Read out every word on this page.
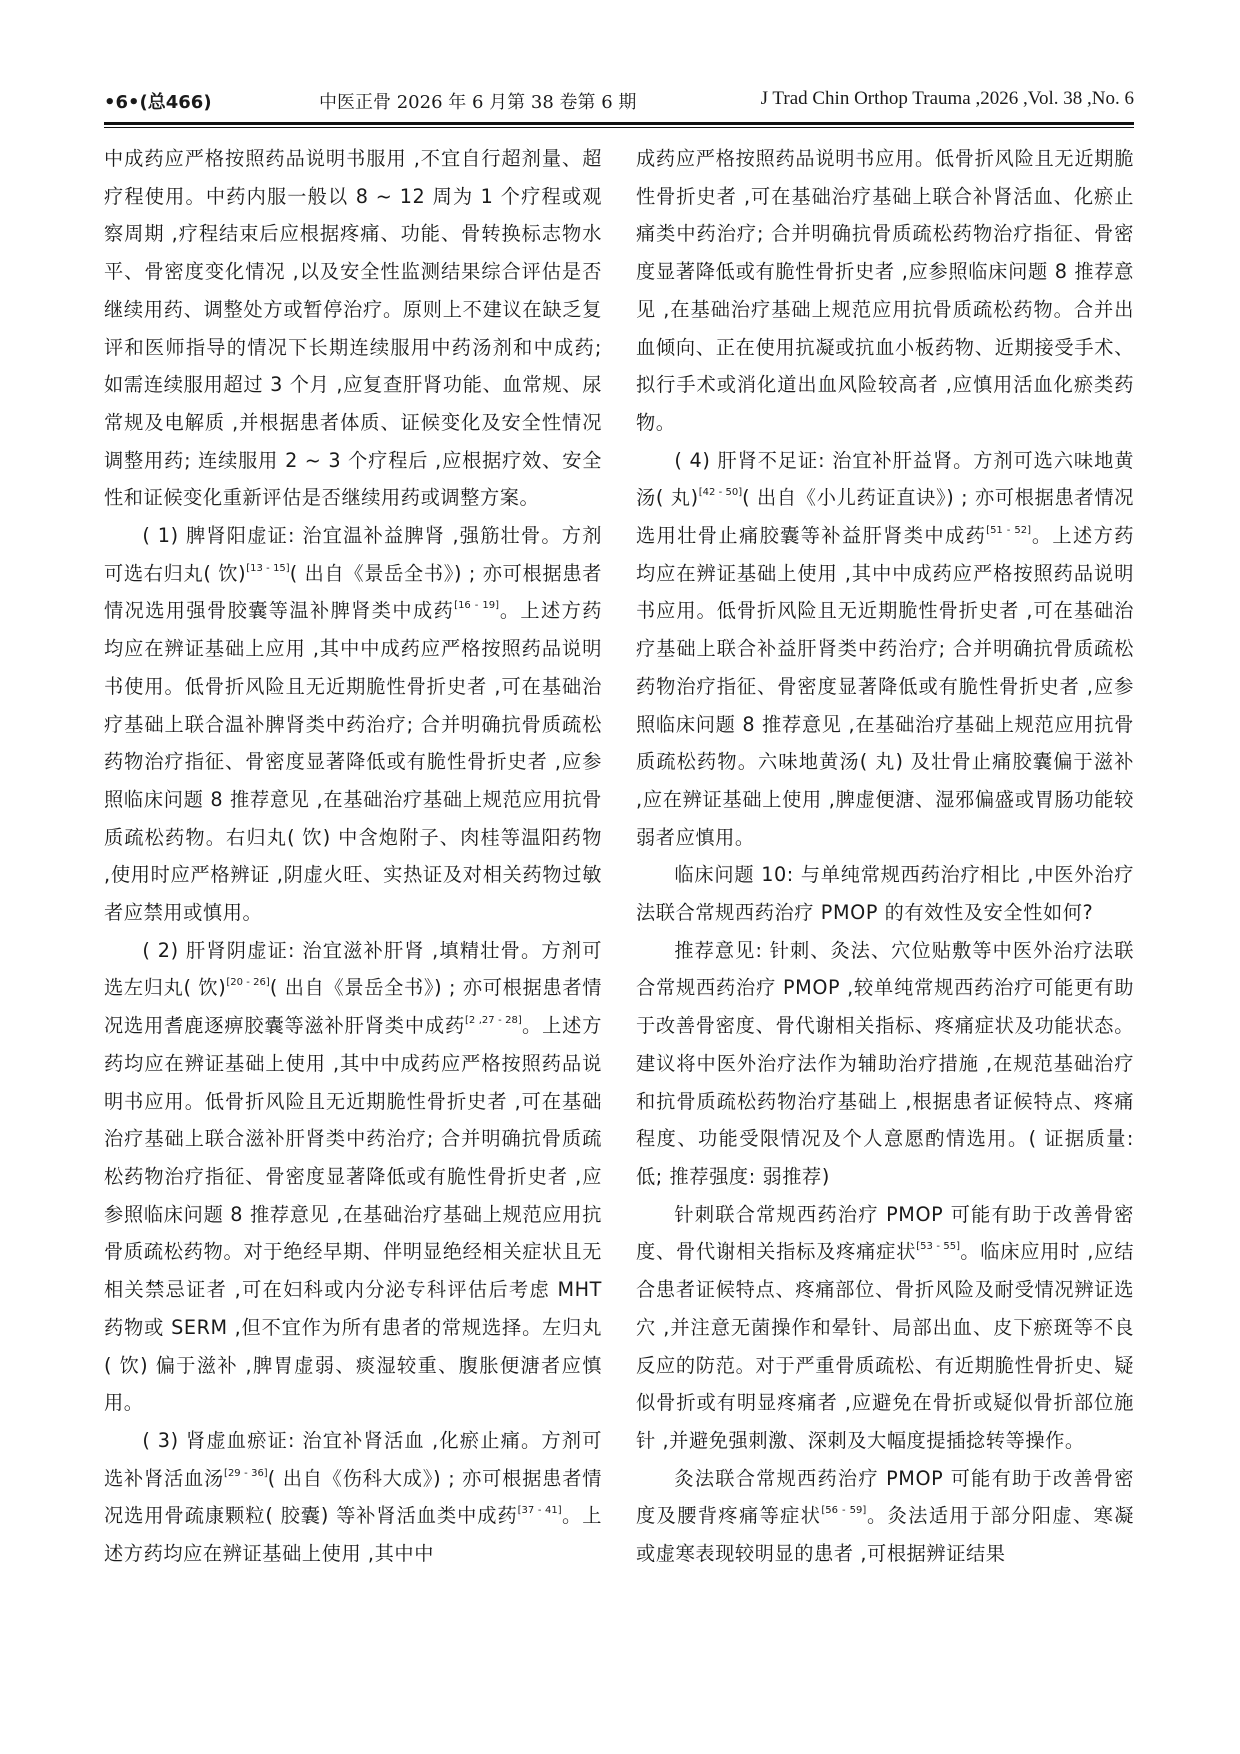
•6•(总466)	中医正骨 2026 年 6 月第 38 卷第 6 期	J Trad Chin Orthop Trauma ,2026 ,Vol. 38 ,No. 6

中成药应严格按照药品说明书服用 ,不宜自行超剂量、超疗程使用。中药内服一般以 8 ~ 12 周为 1 个疗程或观察周期 ,疗程结束后应根据疼痛、功能、骨转换标志物水平、骨密度变化情况 ,以及安全性监测结果综合评估是否继续用药、调整处方或暂停治疗。原则上不建议在缺乏复评和医师指导的情况下长期连续服用中药汤剂和中成药; 如需连续服用超过 3 个月 ,应复查肝肾功能、血常规、尿常规及电解质 ,并根据患者体质、证候变化及安全性情况调整用药; 连续服用 2 ~ 3 个疗程后 ,应根据疗效、安全性和证候变化重新评估是否继续用药或调整方案。

( 1) 脾肾阳虚证: 治宜温补益脾肾 ,强筋壮骨。方剂可选右归丸( 饮)[13 - 15]( 出自《景岳全书》) ; 亦可根据患者情况选用强骨胶囊等温补脾肾类中成药[16 - 19]。上述方药均应在辨证基础上应用 ,其中中成药应严格按照药品说明书使用。低骨折风险且无近期脆性骨折史者 ,可在基础治疗基础上联合温补脾肾类中药治疗; 合并明确抗骨质疏松药物治疗指征、骨密度显著降低或有脆性骨折史者 ,应参照临床问题 8 推荐意见 ,在基础治疗基础上规范应用抗骨质疏松药物。右归丸( 饮) 中含炮附子、肉桂等温阳药物 ,使用时应严格辨证 ,阴虚火旺、实热证及对相关药物过敏者应禁用或慎用。

( 2) 肝肾阴虚证: 治宜滋补肝肾 ,填精壮骨。方剂可选左归丸( 饮)[20 - 26]( 出自《景岳全书》) ; 亦可根据患者情况选用耆鹿逐痹胶囊等滋补肝肾类中成药[2 ,27 - 28]。上述方药均应在辨证基础上使用 ,其中中成药应严格按照药品说明书应用。低骨折风险且无近期脆性骨折史者 ,可在基础治疗基础上联合滋补肝肾类中药治疗; 合并明确抗骨质疏松药物治疗指征、骨密度显著降低或有脆性骨折史者 ,应参照临床问题 8 推荐意见 ,在基础治疗基础上规范应用抗骨质疏松药物。对于绝经早期、伴明显绝经相关症状且无相关禁忌证者 ,可在妇科或内分泌专科评估后考虑 MHT 药物或 SERM ,但不宜作为所有患者的常规选择。左归丸( 饮) 偏于滋补 ,脾胃虚弱、痰湿较重、腹胀便溏者应慎用。

( 3) 肾虚血瘀证: 治宜补肾活血 ,化瘀止痛。方剂可选补肾活血汤[29 - 36]( 出自《伤科大成》) ; 亦可根据患者情况选用骨疏康颗粒( 胶囊) 等补肾活血类中成药[37 - 41]。上述方药均应在辨证基础上使用 ,其中中

成药应严格按照药品说明书应用。低骨折风险且无近期脆性骨折史者 ,可在基础治疗基础上联合补肾活血、化瘀止痛类中药治疗; 合并明确抗骨质疏松药物治疗指征、骨密度显著降低或有脆性骨折史者 ,应参照临床问题 8 推荐意见 ,在基础治疗基础上规范应用抗骨质疏松药物。合并出血倾向、正在使用抗凝或抗血小板药物、近期接受手术、拟行手术或消化道出血风险较高者 ,应慎用活血化瘀类药物。

( 4) 肝肾不足证: 治宜补肝益肾。方剂可选六味地黄汤( 丸)[42 - 50]( 出自《小儿药证直诀》) ; 亦可根据患者情况选用壮骨止痛胶囊等补益肝肾类中成药[51 - 52]。上述方药均应在辨证基础上使用 ,其中中成药应严格按照药品说明书应用。低骨折风险且无近期脆性骨折史者 ,可在基础治疗基础上联合补益肝肾类中药治疗; 合并明确抗骨质疏松药物治疗指征、骨密度显著降低或有脆性骨折史者 ,应参照临床问题 8 推荐意见 ,在基础治疗基础上规范应用抗骨质疏松药物。六味地黄汤( 丸) 及壮骨止痛胶囊偏于滋补 ,应在辨证基础上使用 ,脾虚便溏、湿邪偏盛或胃肠功能较弱者应慎用。

临床问题 10: 与单纯常规西药治疗相比 ,中医外治疗法联合常规西药治疗 PMOP 的有效性及安全性如何?

推荐意见: 针刺、灸法、穴位贴敷等中医外治疗法联合常规西药治疗 PMOP ,较单纯常规西药治疗可能更有助于改善骨密度、骨代谢相关指标、疼痛症状及功能状态。建议将中医外治疗法作为辅助治疗措施 ,在规范基础治疗和抗骨质疏松药物治疗基础上 ,根据患者证候特点、疼痛程度、功能受限情况及个人意愿酌情选用。( 证据质量: 低; 推荐强度: 弱推荐)

针刺联合常规西药治疗 PMOP 可能有助于改善骨密度、骨代谢相关指标及疼痛症状[53 - 55]。临床应用时 ,应结合患者证候特点、疼痛部位、骨折风险及耐受情况辨证选穴 ,并注意无菌操作和晕针、局部出血、皮下瘀斑等不良反应的防范。对于严重骨质疏松、有近期脆性骨折史、疑似骨折或有明显疼痛者 ,应避免在骨折或疑似骨折部位施针 ,并避免强刺激、深刺及大幅度提插捻转等操作。

灸法联合常规西药治疗 PMOP 可能有助于改善骨密度及腰背疼痛等症状[56 - 59]。灸法适用于部分阳虚、寒凝或虚寒表现较明显的患者 ,可根据辨证结果
